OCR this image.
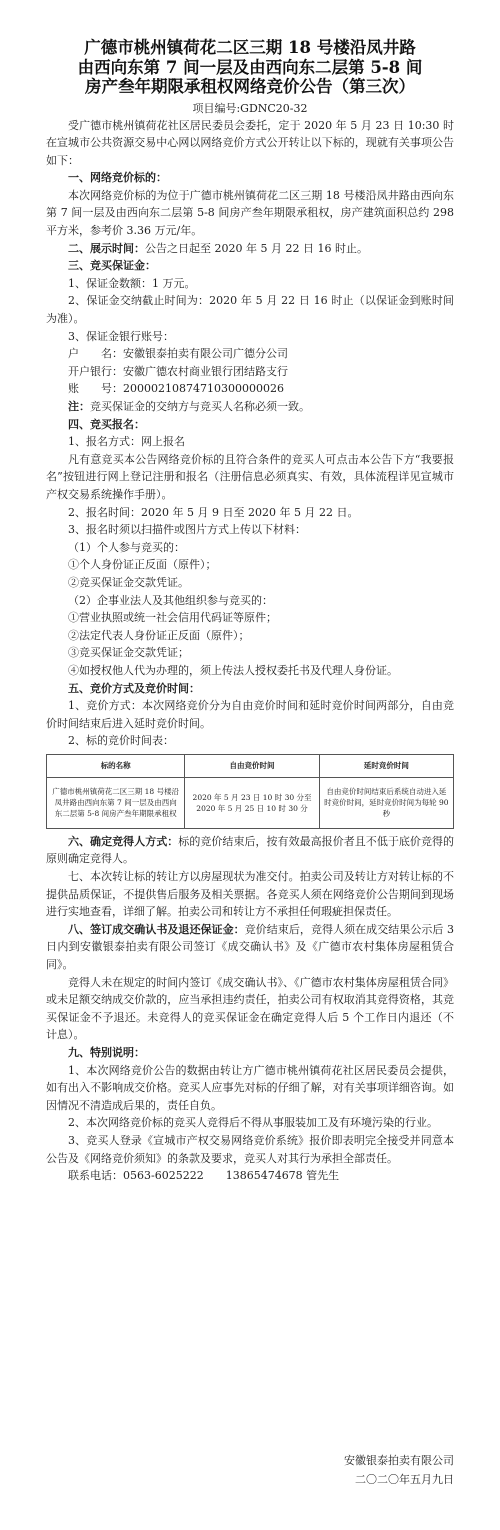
广德市桃州镇荷花二区三期 18 号楼沿凤井路
由西向东第 7 间一层及由西向东二层第 5-8 间
房产叁年期限承租权网络竞价公告（第三次）
项目编号:GDNC20-32

受广德市桃州镇荷花社区居民委员会委托，定于 2020 年 5 月 23 日 10:30 时在宣城市公共资源交易中心网以网络竞价方式公开转让以下标的，现就有关事项公告如下：

一、网络竞价标的：

本次网络竞价标的为位于广德市桃州镇荷花二区三期 18 号楼沿凤井路由西向东第 7 间一层及由西向东二层第 5-8 间房产叁年期限承租权，房产建筑面积总约 298 平方米，参考价 3.36 万元/年。

二、展示时间：公告之日起至 2020 年 5 月 22 日 16 时止。

三、竞买保证金：

1、保证金数额：1 万元。

2、保证金交纳截止时间为：2020 年 5 月 22 日 16 时止（以保证金到账时间为准）。

3、保证金银行账号：

户　　名：安徽银泰拍卖有限公司广德分公司
开户银行：安徽广德农村商业银行团结路支行
账　　号：20000210874710300000026

注：竞买保证金的交纳方与竞买人名称必须一致。

四、竞买报名：

1、报名方式：网上报名

凡有意竞买本公告网络竞价标的且符合条件的竞买人可点击本公告下方“我要报名”按钮进行网上登记注册和报名（注册信息必须真实、有效，具体流程详见宣城市产权交易系统操作手册）。

2、报名时间：2020 年 5 月 9 日至 2020 年 5 月 22 日。

3、报名时须以扫描件或图片方式上传以下材料：

（1）个人参与竞买的：

①个人身份证正反面（原件）；

②竞买保证金交款凭证。

（2）企事业法人及其他组织参与竞买的：

①营业执照或统一社会信用代码证等原件；

②法定代表人身份证正反面（原件）；

③竞买保证金交款凭证；

④如授权他人代为办理的，须上传法人授权委托书及代理人身份证。

五、竞价方式及竞价时间：

1、竞价方式：本次网络竞价分为自由竞价时间和延时竞价时间两部分，自由竞价时间结束后进入延时竞价时间。

2、标的竞价时间表：

标的名称	自由竞价时间	延时竞价时间
广德市桃州镇荷花二区三期 18 号楼沿凤井路由西向东第 7 间一层及由西向东二层第 5-8 间房产叁年期限承租权	2020 年 5 月 23 日 10 时 30 分至 2020 年 5 月 25 日 10 时 30 分	自由竞价时间结束后系统自动进入延时竞价时间，延时竞价时间为每轮 90 秒

六、确定竞得人方式：标的竞价结束后，按有效最高报价者且不低于底价竞得的原则确定竞得人。

七、本次转让标的转让方以房屋现状为准交付。拍卖公司及转让方对转让标的不提供品质保证，不提供售后服务及相关票据。各竞买人须在网络竞价公告期间到现场进行实地查看，详细了解。拍卖公司和转让方不承担任何瑕疵担保责任。

八、签订成交确认书及退还保证金：竞价结束后，竞得人须在成交结果公示后 3 日内到安徽银泰拍卖有限公司签订《成交确认书》及《广德市农村集体房屋租赁合同》。

竞得人未在规定的时间内签订《成交确认书》、《广德市农村集体房屋租赁合同》或未足额交纳成交价款的，应当承担违约责任，拍卖公司有权取消其竞得资格，其竞买保证金不予退还。未竞得人的竞买保证金在确定竞得人后 5 个工作日内退还（不计息）。

九、特别说明：

1、本次网络竞价公告的数据由转让方广德市桃州镇荷花社区居民委员会提供，如有出入不影响成交价格。竞买人应事先对标的仔细了解，对有关事项详细咨询。如因情况不清造成后果的，责任自负。

2、本次网络竞价标的竞买人竞得后不得从事服装加工及有环境污染的行业。

3、竞买人登录《宣城市产权交易网络竞价系统》报价即表明完全接受并同意本公告及《网络竞价须知》的条款及要求，竞买人对其行为承担全部责任。

联系电话：0563-6025222　　13865474678 管先生

安徽银泰拍卖有限公司
二〇二〇年五月九日
